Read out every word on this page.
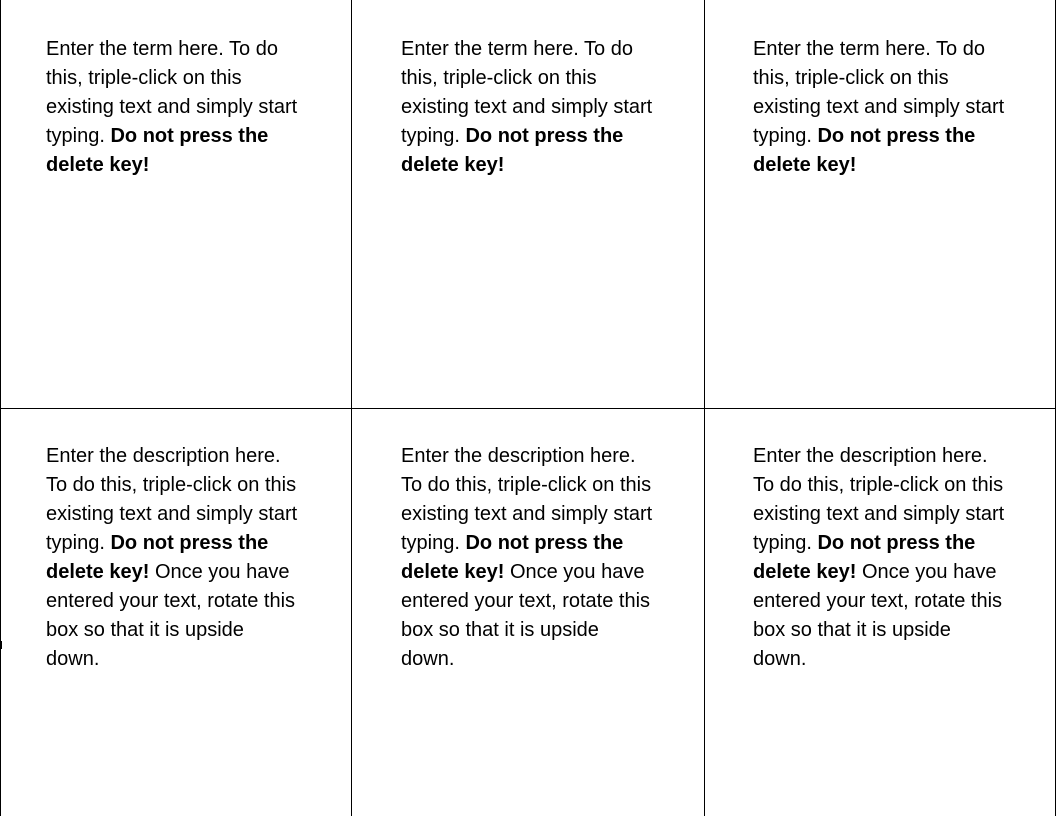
Enter the term here. To do this, triple-click on this existing text and simply start typing. Do not press the delete key!

Enter the term here. To do this, triple-click on this existing text and simply start typing. Do not press the delete key!

Enter the term here. To do this, triple-click on this existing text and simply start typing. Do not press the delete key!

Enter the description here. To do this, triple-click on this existing text and simply start typing. Do not press the delete key! Once you have entered your text, rotate this box so that it is upside down.

Enter the description here. To do this, triple-click on this existing text and simply start typing. Do not press the delete key! Once you have entered your text, rotate this box so that it is upside down.

Enter the description here. To do this, triple-click on this existing text and simply start typing. Do not press the delete key! Once you have entered your text, rotate this box so that it is upside down.
